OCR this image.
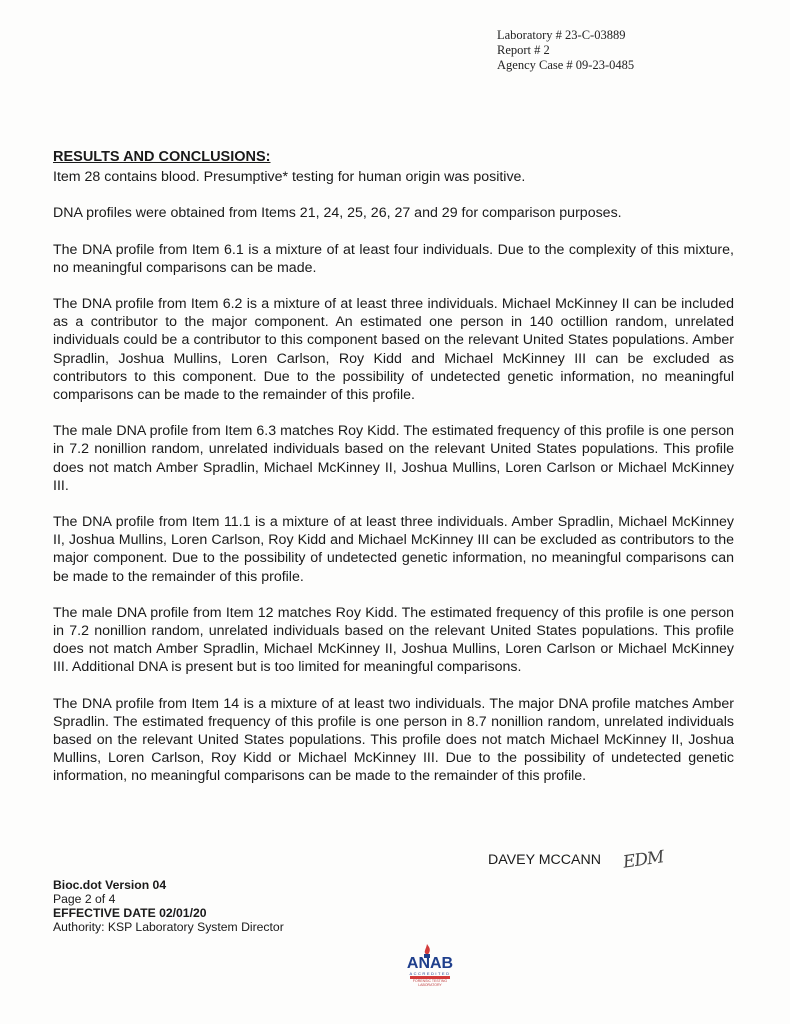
Laboratory # 23-C-03889
Report # 2
Agency Case # 09-23-0485
RESULTS AND CONCLUSIONS:

Item 28 contains blood. Presumptive* testing for human origin was positive.

DNA profiles were obtained from Items 21, 24, 25, 26, 27 and 29 for comparison purposes.

The DNA profile from Item 6.1 is a mixture of at least four individuals. Due to the complexity of this mixture, no meaningful comparisons can be made.

The DNA profile from Item 6.2 is a mixture of at least three individuals. Michael McKinney II can be included as a contributor to the major component. An estimated one person in 140 octillion random, unrelated individuals could be a contributor to this component based on the relevant United States populations. Amber Spradlin, Joshua Mullins, Loren Carlson, Roy Kidd and Michael McKinney III can be excluded as contributors to this component. Due to the possibility of undetected genetic information, no meaningful comparisons can be made to the remainder of this profile.

The male DNA profile from Item 6.3 matches Roy Kidd. The estimated frequency of this profile is one person in 7.2 nonillion random, unrelated individuals based on the relevant United States populations. This profile does not match Amber Spradlin, Michael McKinney II, Joshua Mullins, Loren Carlson or Michael McKinney III.

The DNA profile from Item 11.1 is a mixture of at least three individuals. Amber Spradlin, Michael McKinney II, Joshua Mullins, Loren Carlson, Roy Kidd and Michael McKinney III can be excluded as contributors to the major component. Due to the possibility of undetected genetic information, no meaningful comparisons can be made to the remainder of this profile.

The male DNA profile from Item 12 matches Roy Kidd. The estimated frequency of this profile is one person in 7.2 nonillion random, unrelated individuals based on the relevant United States populations. This profile does not match Amber Spradlin, Michael McKinney II, Joshua Mullins, Loren Carlson or Michael McKinney III. Additional DNA is present but is too limited for meaningful comparisons.

The DNA profile from Item 14 is a mixture of at least two individuals. The major DNA profile matches Amber Spradlin. The estimated frequency of this profile is one person in 8.7 nonillion random, unrelated individuals based on the relevant United States populations. This profile does not match Michael McKinney II, Joshua Mullins, Loren Carlson, Roy Kidd or Michael McKinney III. Due to the possibility of undetected genetic information, no meaningful comparisons can be made to the remainder of this profile.

DAVEY MCCANN EDM
Bioc.dot Version 04
Page 2 of 4
EFFECTIVE DATE 02/01/20
Authority: KSP Laboratory System Director
ANAB
ACCREDITED
FORENSIC TESTING
LABORATORY
